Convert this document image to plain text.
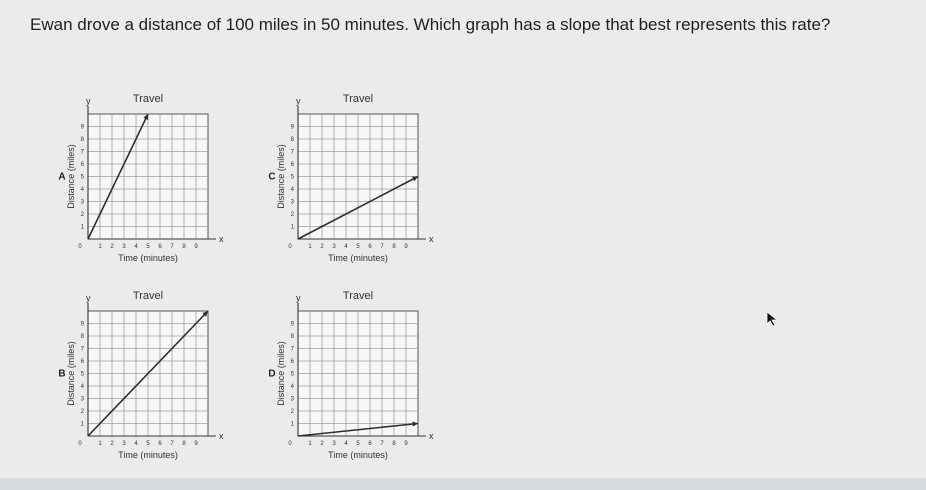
Ewan drove a distance of 100 miles in 50 minutes. Which graph has a slope that best represents this rate?
Travel
x
y
0	1 2 3 4 5 6 7 8 9
1
2
3
4
5
6
7
8
9
Time (minutes)
Distance (miles)
A
Travel
x
y
0	1 2 3 4 5 6 7 8 9
1
2
3
4
5
6
7
8
9
Time (minutes)
Distance (miles)
C
Travel
x
y
0	1 2 3 4 5 6 7 8 9
1
2
3
4
5
6
7
8
9
Time (minutes)
Distance (miles)
B
Travel
x
y
0	1 2 3 4 5 6 7 8 9
1
2
3
4
5
6
7
8
9
Time (minutes)
Distance (miles)
D
